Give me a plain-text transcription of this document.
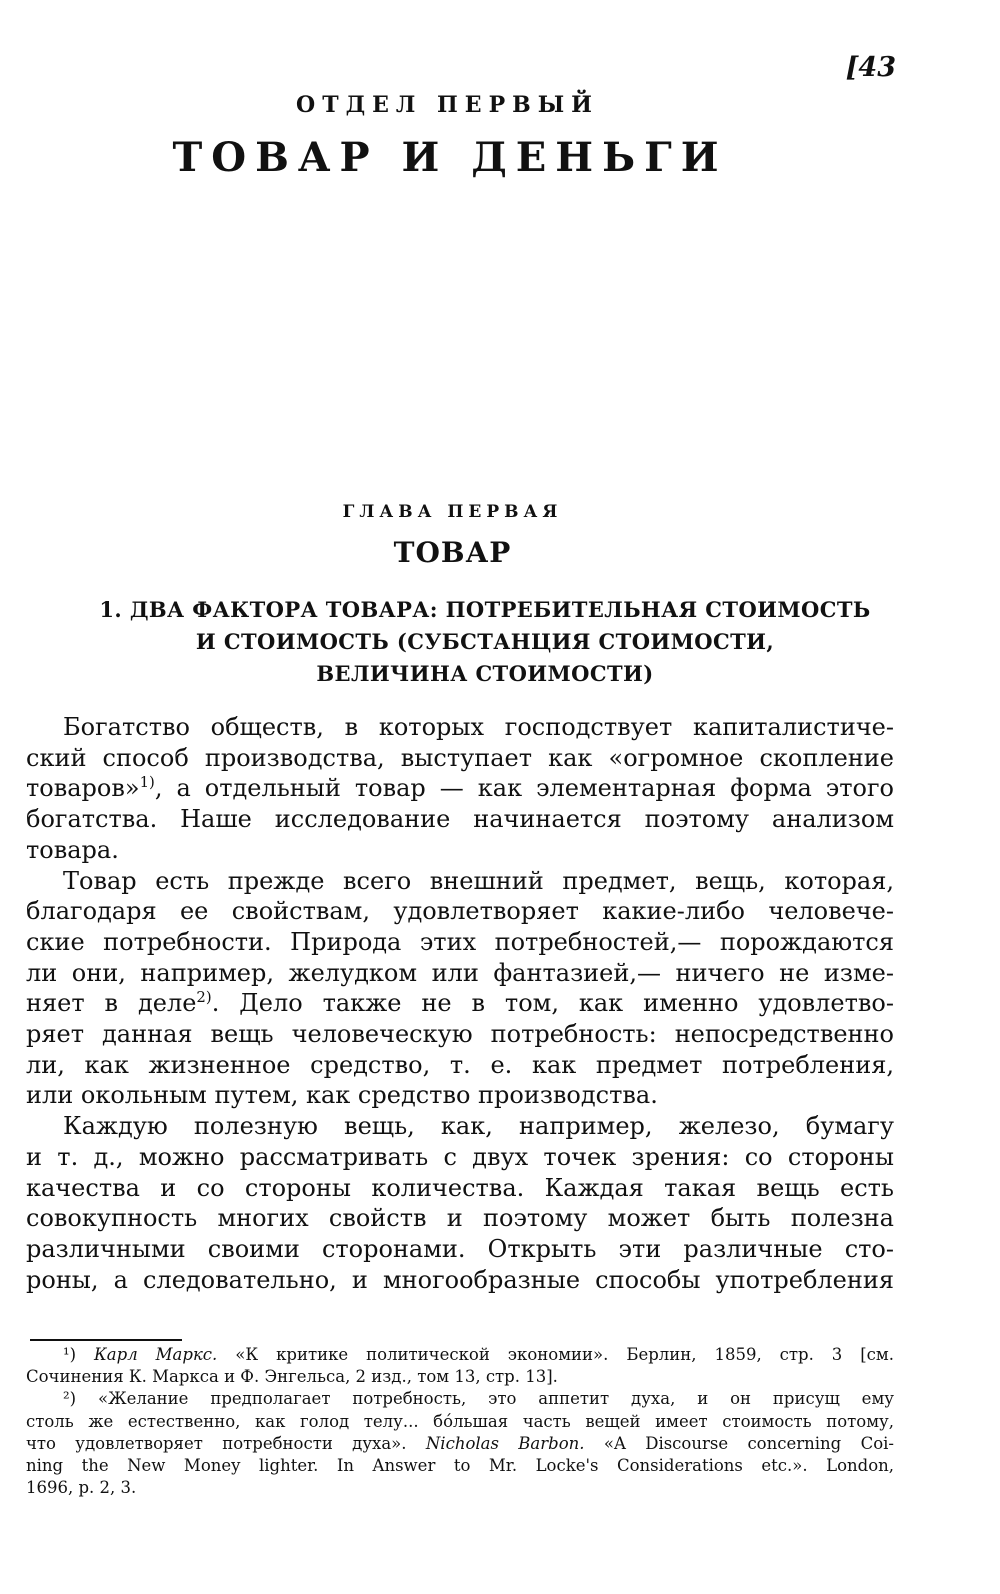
[43
ОТДЕЛ ПЕРВЫЙ
ТОВАР И ДЕНЬГИ
ГЛАВА ПЕРВАЯ
ТОВАР
1. ДВА ФАКТОРА ТОВАРА: ПОТРЕБИТЕЛЬНАЯ СТОИМОСТЬ
И СТОИМОСТЬ (СУБСТАНЦИЯ СТОИМОСТИ,
ВЕЛИЧИНА СТОИМОСТИ)

Богатство обществ, в которых господствует капиталистиче-
ский способ производства, выступает как «огромное скопление
товаров»$^{1)}$, а отдельный товар — как элементарная форма этого
богатства. Наше исследование начинается поэтому анализом
товара.

Товар есть прежде всего внешний предмет, вещь, которая,
благодаря ее свойствам, удовлетворяет какие-либо человече-
ские потребности. Природа этих потребностей,— порождаются
ли они, например, желудком или фантазией,— ничего не изме-
няет в деле$^{2)}$. Дело также не в том, как именно удовлетво-
ряет данная вещь человеческую потребность: непосредственно
ли, как жизненное средство, т. е. как предмет потребления,
или окольным путем, как средство производства.

Каждую полезную вещь, как, например, железо, бумагу
и т. д., можно рассматривать с двух точек зрения: со стороны
качества и со стороны количества. Каждая такая вещь есть
совокупность многих свойств и поэтому может быть полезна
различными своими сторонами. Открыть эти различные сто-
роны, а следовательно, и многообразные способы употребления

¹) Карл Маркс. «К критике политической экономии». Берлин, 1859, стр. 3 [см.
Сочинения К. Маркса и Ф. Энгельса, 2 изд., том 13, стр. 13].
²) «Желание предполагает потребность, это аппетит духа, и он присущ ему
столь же естественно, как голод телу... бóльшая часть вещей имеет стоимость потому,
что удовлетворяет потребности духа». Nicholas Barbon. «A Discourse concerning Coi-
ning the New Money lighter. In Answer to Mr. Locke's Considerations etc.». London,
1696, p. 2, 3.
